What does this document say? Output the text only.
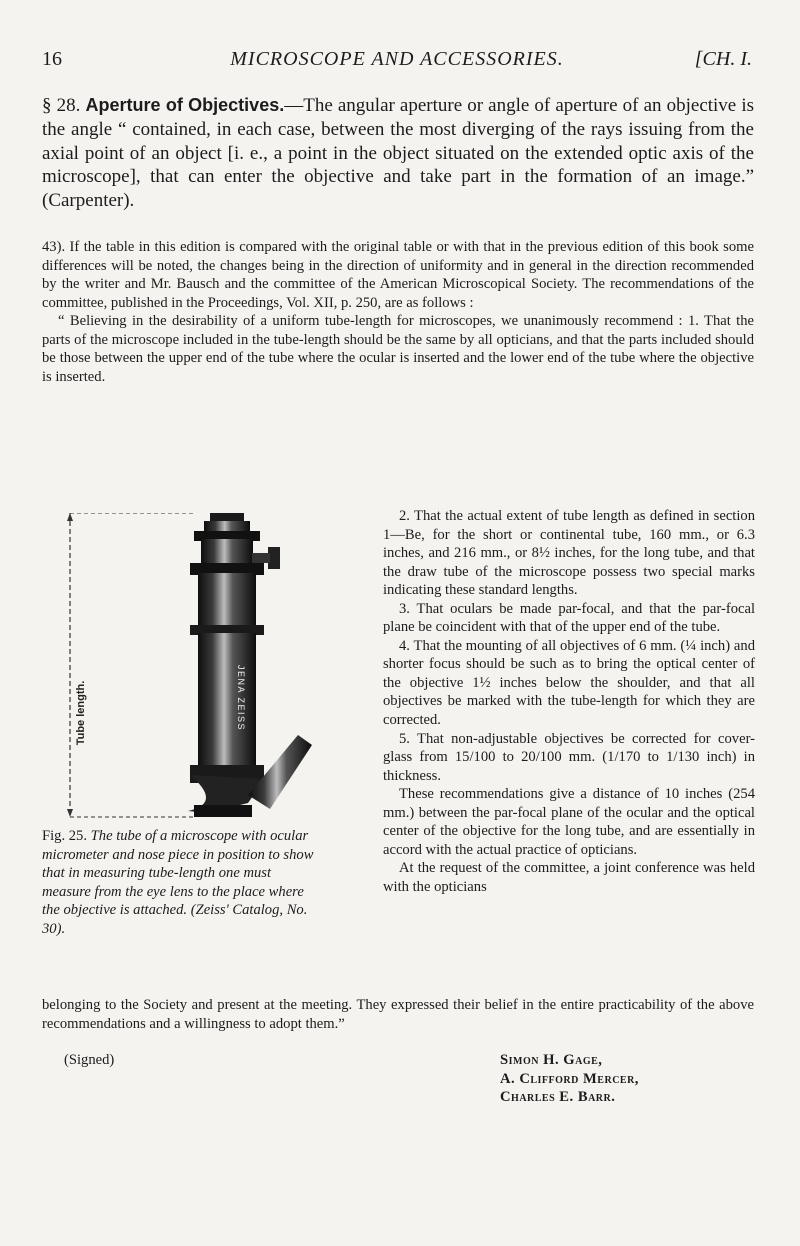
16	MICROSCOPE AND ACCESSORIES.	[CH. I.
§ 28. Aperture of Objectives.—The angular aperture or angle of aperture of an objective is the angle “ contained, in each case, between the most diverging of the rays issuing from the axial point of an object [i. e., a point in the object situated on the extended optic axis of the microscope], that can enter the objective and take part in the formation of an image.” (Carpenter).

43). If the table in this edition is compared with the original table or with that in the previous edition of this book some differences will be noted, the changes being in the direction of uniformity and in general in the direction recommended by the writer and Mr. Bausch and the committee of the American Microscopical Society. The recommendations of the committee, published in the Proceedings, Vol. XII, p. 250, are as follows :

“ Believing in the desirability of a uniform tube-length for microscopes, we unanimously recommend : 1. That the parts of the microscope included in the tube-length should be the same by all opticians, and that the parts included should be those between the upper end of the tube where the ocular is inserted and the lower end of the tube where the objective is inserted.

2. That the actual extent of tube length as defined in section 1—Be, for the short or continental tube, 160 mm., or 6.3 inches, and 216 mm., or 8½ inches, for the long tube, and that the draw tube of the microscope possess two special marks indicating these standard lengths.

3. That oculars be made par-focal, and that the par-focal plane be coincident with that of the upper end of the tube.

4. That the mounting of all objectives of 6 mm. (¼ inch) and shorter focus should be such as to bring the optical center of the objective 1½ inches below the shoulder, and that all objectives be marked with the tube-length for which they are corrected.

5. That non-adjustable objectives be corrected for cover-glass from 15/100 to 20/100 mm. (1/170 to 1/130 inch) in thickness.

These recommendations give a distance of 10 inches (254 mm.) between the par-focal plane of the ocular and the optical center of the objective for the long tube, and are essentially in accord with the actual practice of opticians.

At the request of the committee, a joint conference was held with the opticians

Tube length.	JENA ZEISS
Fig. 25. The tube of a microscope with ocular micrometer and nose piece in position to show that in measuring tube-length one must measure from the eye lens to the place where the objective is attached. (Zeiss' Catalog, No. 30).

belonging to the Society and present at the meeting. They expressed their belief in the entire practicability of the above recommendations and a willingness to adopt them.”

(Signed)	Simon H. Gage,
A. Clifford Mercer,
Charles E. Barr.
